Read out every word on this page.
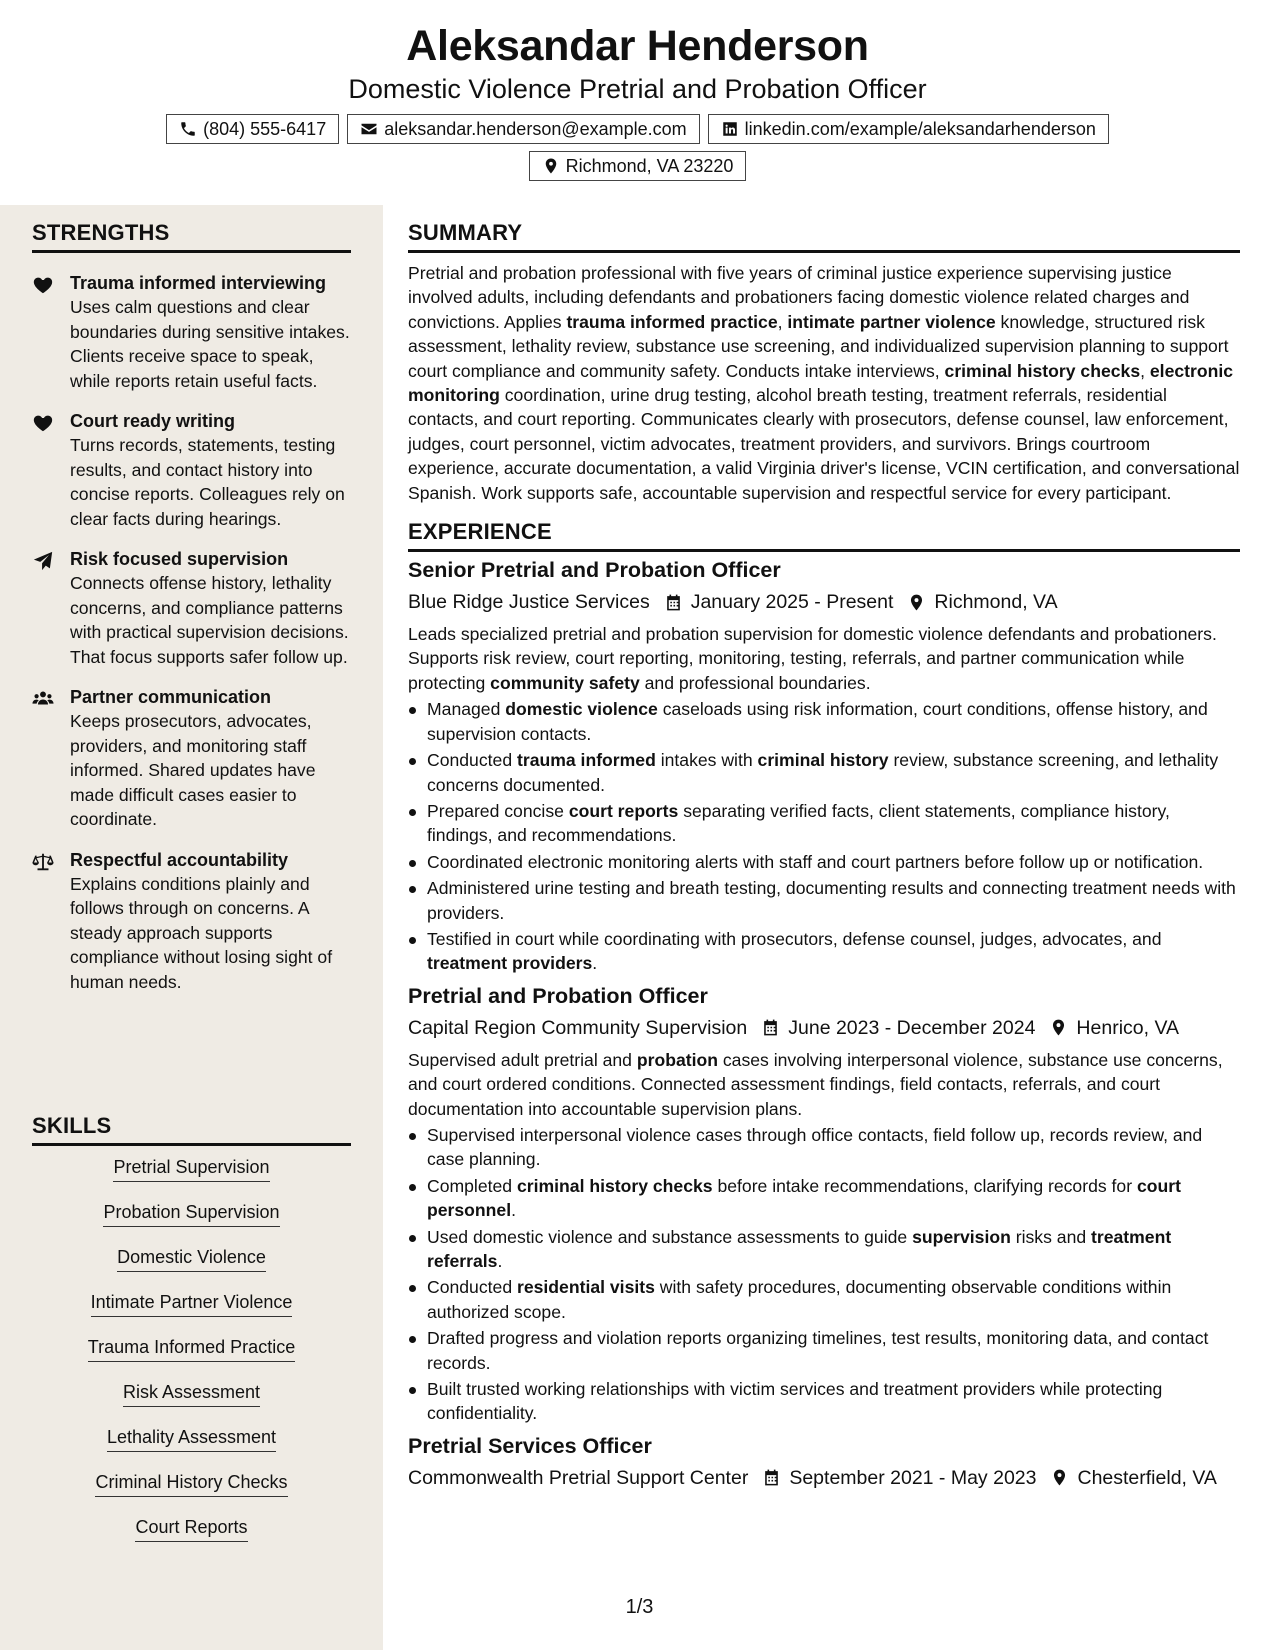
Aleksandar Henderson
Domestic Violence Pretrial and Probation Officer
(804) 555-6417	aleksandar.henderson@example.com	linkedin.com/example/aleksandarhenderson
Richmond, VA 23220
STRENGTHS
Trauma informed interviewing
Uses calm questions and clear boundaries during sensitive intakes. Clients receive space to speak, while reports retain useful facts.
Court ready writing
Turns records, statements, testing results, and contact history into concise reports. Colleagues rely on clear facts during hearings.
Risk focused supervision
Connects offense history, lethality concerns, and compliance patterns with practical supervision decisions. That focus supports safer follow up.
Partner communication
Keeps prosecutors, advocates, providers, and monitoring staff informed. Shared updates have made difficult cases easier to coordinate.
Respectful accountability
Explains conditions plainly and follows through on concerns. A steady approach supports compliance without losing sight of human needs.
SKILLS
Pretrial Supervision
Probation Supervision
Domestic Violence
Intimate Partner Violence
Trauma Informed Practice
Risk Assessment
Lethality Assessment
Criminal History Checks
Court Reports
SUMMARY
Pretrial and probation professional with five years of criminal justice experience supervising justice involved adults, including defendants and probationers facing domestic violence related charges and convictions. Applies trauma informed practice, intimate partner violence knowledge, structured risk assessment, lethality review, substance use screening, and individualized supervision planning to support court compliance and community safety. Conducts intake interviews, criminal history checks, electronic monitoring coordination, urine drug testing, alcohol breath testing, treatment referrals, residential contacts, and court reporting. Communicates clearly with prosecutors, defense counsel, law enforcement, judges, court personnel, victim advocates, treatment providers, and survivors. Brings courtroom experience, accurate documentation, a valid Virginia driver's license, VCIN certification, and conversational Spanish. Work supports safe, accountable supervision and respectful service for every participant.
EXPERIENCE
Senior Pretrial and Probation Officer
Blue Ridge Justice Services January 2025 - Present Richmond, VA
Leads specialized pretrial and probation supervision for domestic violence defendants and probationers. Supports risk review, court reporting, monitoring, testing, referrals, and partner communication while protecting community safety and professional boundaries.
Managed domestic violence caseloads using risk information, court conditions, offense history, and supervision contacts.
Conducted trauma informed intakes with criminal history review, substance screening, and lethality concerns documented.
Prepared concise court reports separating verified facts, client statements, compliance history, findings, and recommendations.
Coordinated electronic monitoring alerts with staff and court partners before follow up or notification.
Administered urine testing and breath testing, documenting results and connecting treatment needs with providers.
Testified in court while coordinating with prosecutors, defense counsel, judges, advocates, and treatment providers.
Pretrial and Probation Officer
Capital Region Community Supervision June 2023 - December 2024 Henrico, VA
Supervised adult pretrial and probation cases involving interpersonal violence, substance use concerns, and court ordered conditions. Connected assessment findings, field contacts, referrals, and court documentation into accountable supervision plans.
Supervised interpersonal violence cases through office contacts, field follow up, records review, and case planning.
Completed criminal history checks before intake recommendations, clarifying records for court personnel.
Used domestic violence and substance assessments to guide supervision risks and treatment referrals.
Conducted residential visits with safety procedures, documenting observable conditions within authorized scope.
Drafted progress and violation reports organizing timelines, test results, monitoring data, and contact records.
Built trusted working relationships with victim services and treatment providers while protecting confidentiality.
Pretrial Services Officer
Commonwealth Pretrial Support Center September 2021 - May 2023 Chesterfield, VA
1/3
